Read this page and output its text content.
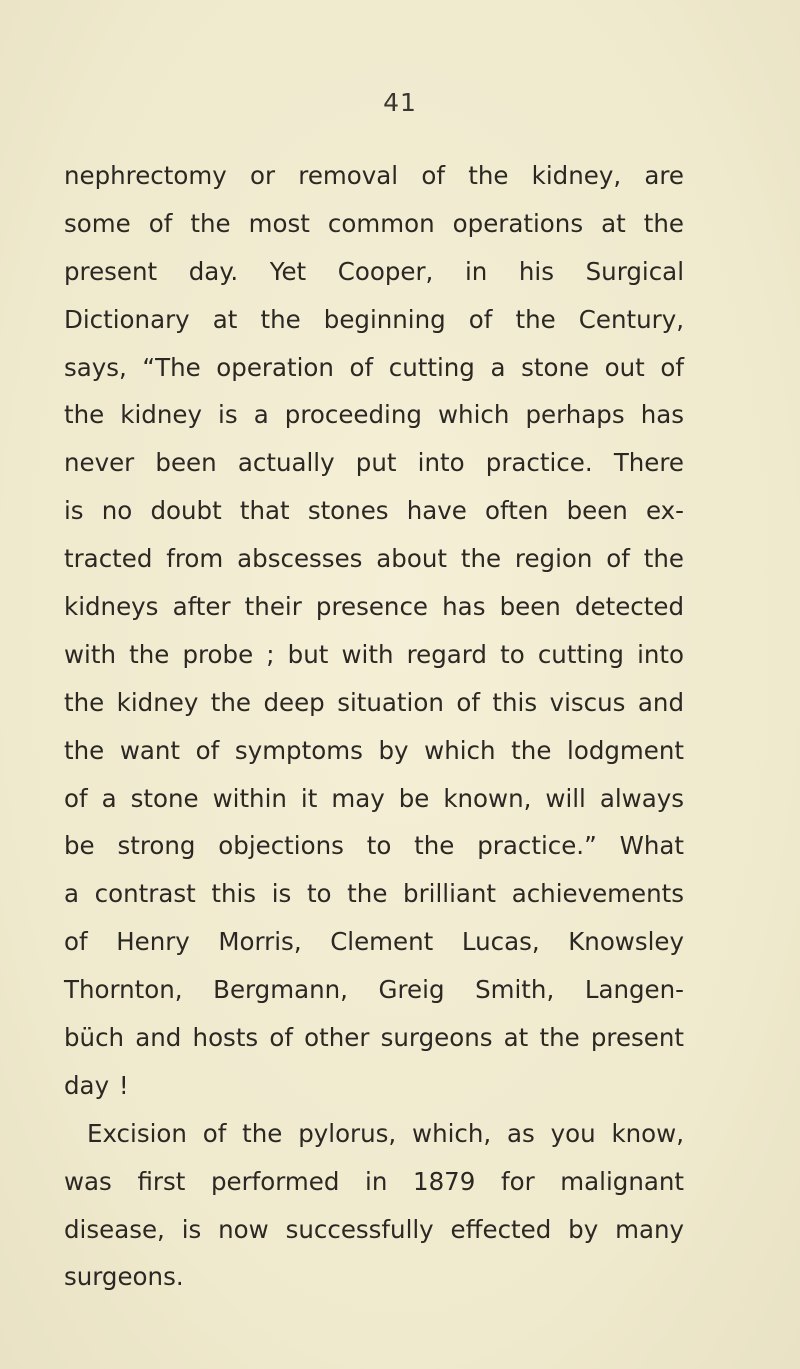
41
nephrectomy or removal of the kidney, are
some of the most common operations at the
present day. Yet Cooper, in his Surgical
Dictionary at the beginning of the Century,
says, “The operation of cutting a stone out of
the kidney is a proceeding which perhaps has
never been actually put into practice. There
is no doubt that stones have often been ex-
tracted from abscesses about the region of the
kidneys after their presence has been detected
with the probe ; but with regard to cutting into
the kidney the deep situation of this viscus and
the want of symptoms by which the lodgment
of a stone within it may be known, will always
be strong objections to the practice.” What
a contrast this is to the brilliant achievements
of Henry Morris, Clement Lucas, Knowsley
Thornton, Bergmann, Greig Smith, Langen-
büch and hosts of other surgeons at the present
day !
Excision of the pylorus, which, as you know,
was first performed in 1879 for malignant
disease, is now successfully effected by many
surgeons.
